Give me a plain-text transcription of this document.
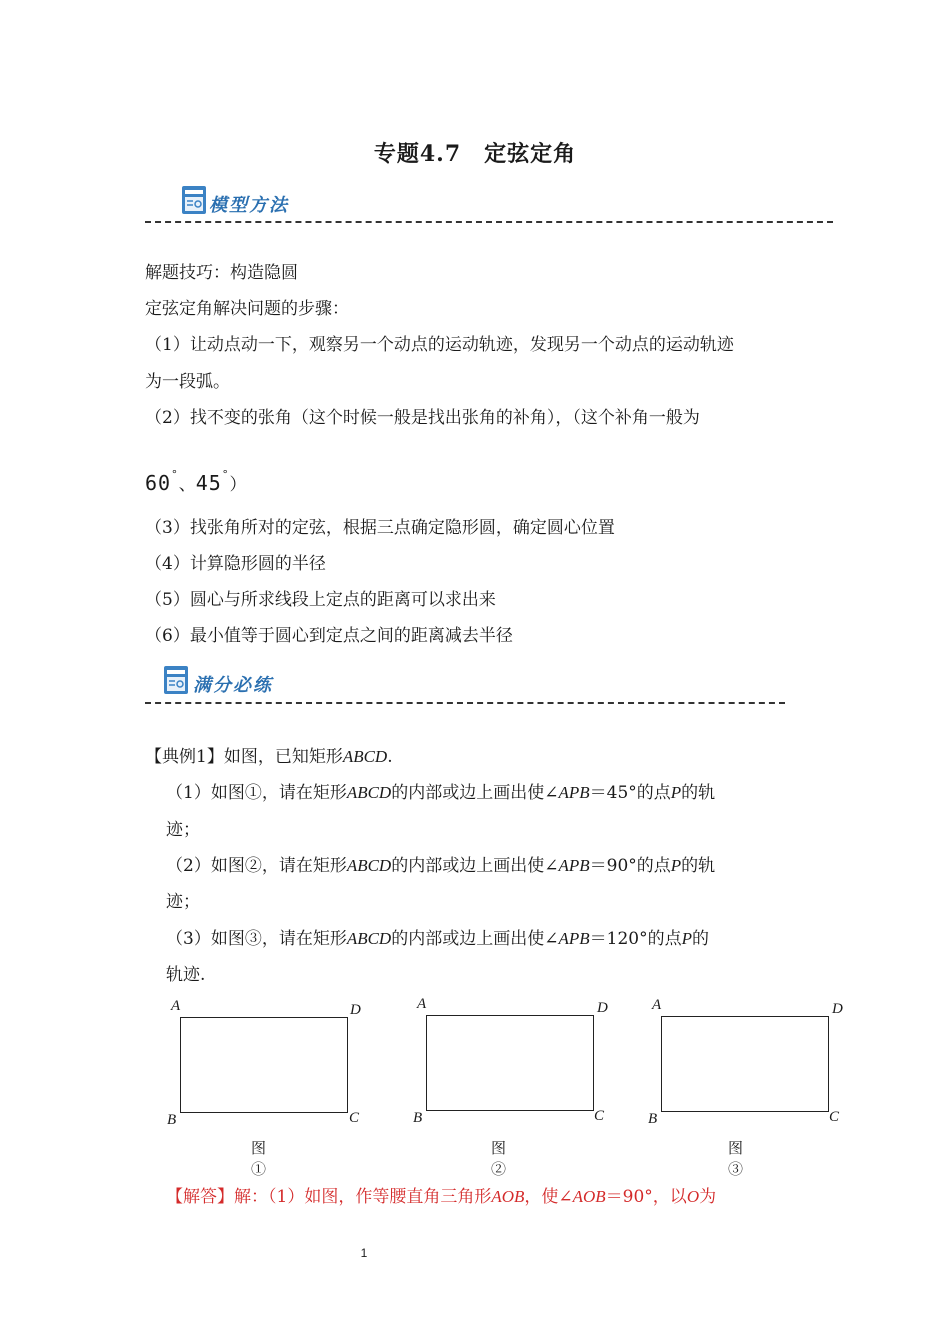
专题4.7　定弦定角
模型方法
解题技巧：构造隐圆
定弦定角解决问题的步骤：
（1）让动点动一下，观察另一个动点的运动轨迹，发现另一个动点的运动轨迹
为一段弧。
（2）找不变的张角（这个时候一般是找出张角的补角），（这个补角一般为
60°、45°）
（3）找张角所对的定弦，根据三点确定隐形圆，确定圆心位置
（4）计算隐形圆的半径
（5）圆心与所求线段上定点的距离可以求出来
（6）最小值等于圆心到定点之间的距离减去半径
满分必练
【典例1】如图，已知矩形ABCD.
（1）如图①，请在矩形ABCD的内部或边上画出使∠APB＝45°的点P的轨
迹；
（2）如图②，请在矩形ABCD的内部或边上画出使∠APB＝90°的点P的轨
迹；
（3）如图③，请在矩形ABCD的内部或边上画出使∠APB＝120°的点P的
轨迹.
A	D
B	C
图①
A	D
B	C
图②
A	D
B	C
图③
【解答】解：（1）如图，作等腰直角三角形AOB，使∠AOB＝90°，以O为
1
